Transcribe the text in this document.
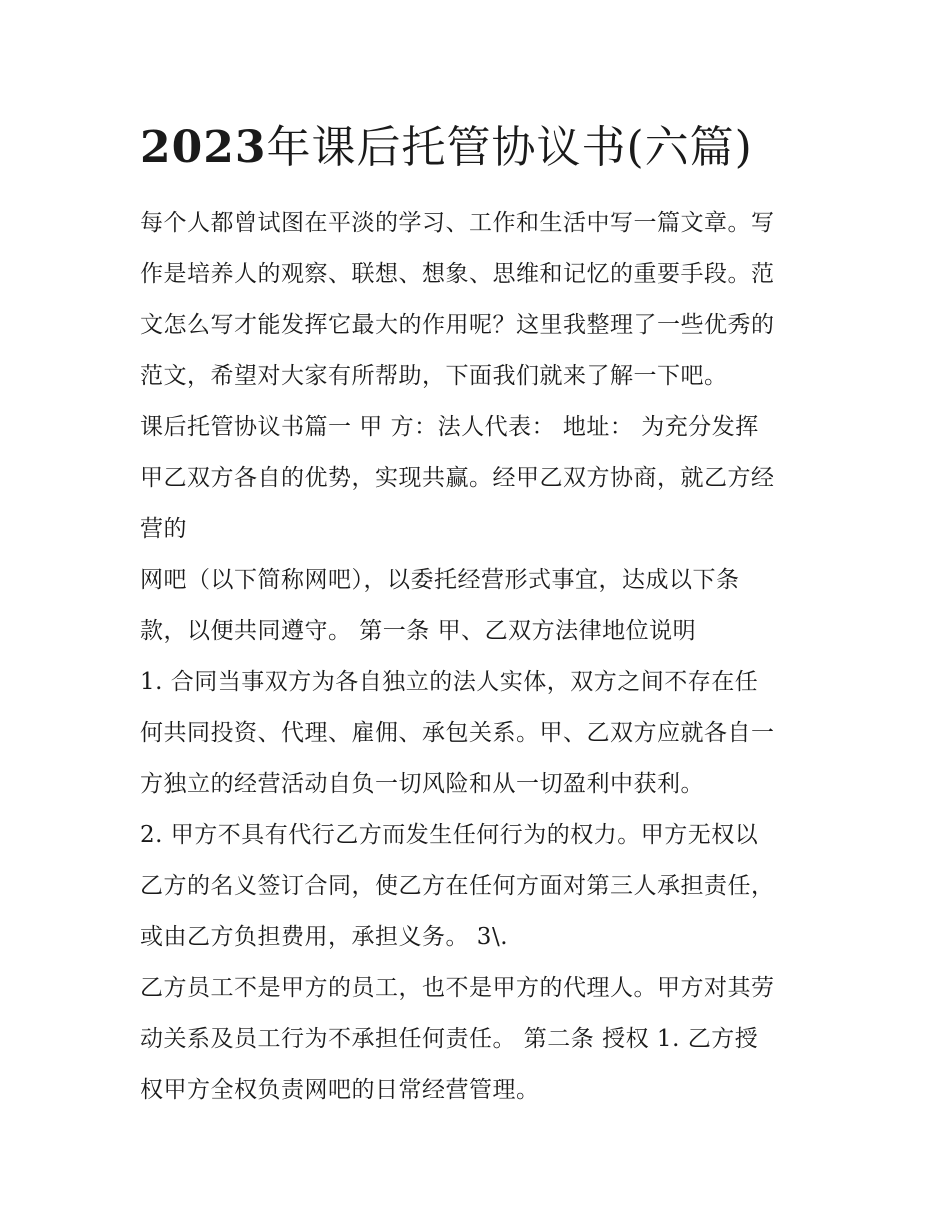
2023年课后托管协议书(六篇)
每个人都曾试图在平淡的学习、工作和生活中写一篇文章。写
作是培养人的观察、联想、想象、思维和记忆的重要手段。范
文怎么写才能发挥它最大的作用呢？这里我整理了一些优秀的
范文，希望对大家有所帮助，下面我们就来了解一下吧。
课后托管协议书篇一 甲 方：法人代表： 地址： 为充分发挥
甲乙双方各自的优势，实现共赢。经甲乙双方协商，就乙方经
营的
网吧（以下简称网吧），以委托经营形式事宜，达成以下条
款，以便共同遵守。 第一条 甲、乙双方法律地位说明
1. 合同当事双方为各自独立的法人实体，双方之间不存在任
何共同投资、代理、雇佣、承包关系。甲、乙双方应就各自一
方独立的经营活动自负一切风险和从一切盈利中获利。
2. 甲方不具有代行乙方而发生任何行为的权力。甲方无权以
乙方的名义签订合同，使乙方在任何方面对第三人承担责任，
或由乙方负担费用，承担义务。 3\.
乙方员工不是甲方的员工，也不是甲方的代理人。甲方对其劳
动关系及员工行为不承担任何责任。 第二条 授权 1. 乙方授
权甲方全权负责网吧的日常经营管理。
